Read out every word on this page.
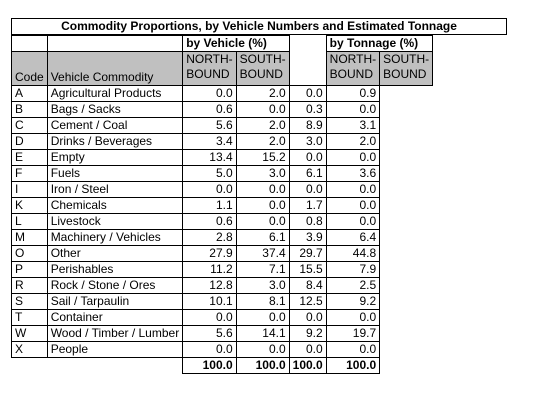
Commodity Proportions, by Vehicle Numbers and Estimated Tonnage
		by Vehicle (%)			by Tonnage (%)	
Code	Vehicle Commodity	NORTH-
BOUND	SOUTH-
BOUND		NORTH-
BOUND	SOUTH-
BOUND
A	Agricultural Products	0.0	2.0	0.0	0.9	
B	Bags / Sacks	0.6	0.0	0.3	0.0	
C	Cement / Coal	5.6	2.0	8.9	3.1	
D	Drinks / Beverages	3.4	2.0	3.0	2.0	
E	Empty	13.4	15.2	0.0	0.0	
F	Fuels	5.0	3.0	6.1	3.6	
I	Iron / Steel	0.0	0.0	0.0	0.0	
K	Chemicals	1.1	0.0	1.7	0.0	
L	Livestock	0.6	0.0	0.8	0.0	
M	Machinery / Vehicles	2.8	6.1	3.9	6.4	
O	Other	27.9	37.4	29.7	44.8	
P	Perishables	11.2	7.1	15.5	7.9	
R	Rock / Stone / Ores	12.8	3.0	8.4	2.5	
S	Sail / Tarpaulin	10.1	8.1	12.5	9.2	
T	Container	0.0	0.0	0.0	0.0	
W	Wood / Timber / Lumber	5.6	14.1	9.2	19.7	
X	People	0.0	0.0	0.0	0.0	
		100.0	100.0	100.0	100.0	
